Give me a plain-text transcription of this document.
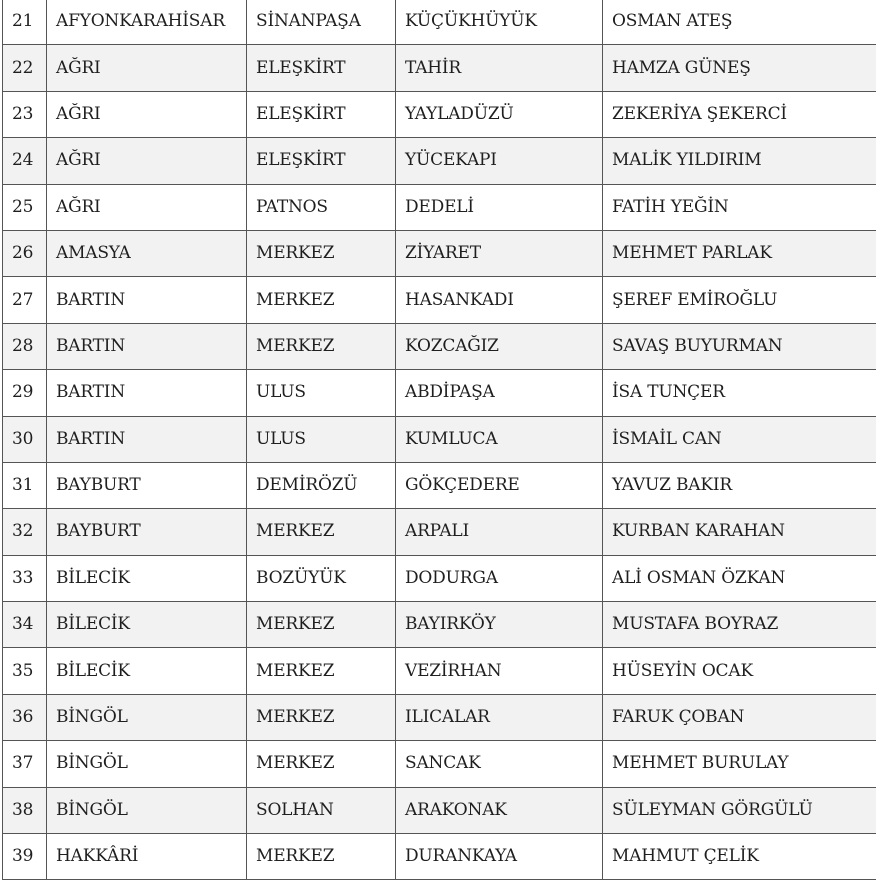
21	AFYONKARAHİSAR	SİNANPAŞA	KÜÇÜKHÜYÜK	OSMAN ATEŞ
22	AĞRI	ELEŞKİRT	TAHİR	HAMZA GÜNEŞ
23	AĞRI	ELEŞKİRT	YAYLADÜZÜ	ZEKERİYA ŞEKERCİ
24	AĞRI	ELEŞKİRT	YÜCEKAPI	MALİK YILDIRIM
25	AĞRI	PATNOS	DEDELİ	FATİH YEĞİN
26	AMASYA	MERKEZ	ZİYARET	MEHMET PARLAK
27	BARTIN	MERKEZ	HASANKADI	ŞEREF EMİROĞLU
28	BARTIN	MERKEZ	KOZCAĞIZ	SAVAŞ BUYURMAN
29	BARTIN	ULUS	ABDİPAŞA	İSA TUNÇER
30	BARTIN	ULUS	KUMLUCA	İSMAİL CAN
31	BAYBURT	DEMİRÖZÜ	GÖKÇEDERE	YAVUZ BAKIR
32	BAYBURT	MERKEZ	ARPALI	KURBAN KARAHAN
33	BİLECİK	BOZÜYÜK	DODURGA	ALİ OSMAN ÖZKAN
34	BİLECİK	MERKEZ	BAYIRKÖY	MUSTAFA BOYRAZ
35	BİLECİK	MERKEZ	VEZİRHAN	HÜSEYİN OCAK
36	BİNGÖL	MERKEZ	ILICALAR	FARUK ÇOBAN
37	BİNGÖL	MERKEZ	SANCAK	MEHMET BURULAY
38	BİNGÖL	SOLHAN	ARAKONAK	SÜLEYMAN GÖRGÜLÜ
39	HAKKÂRİ	MERKEZ	DURANKAYA	MAHMUT ÇELİK
